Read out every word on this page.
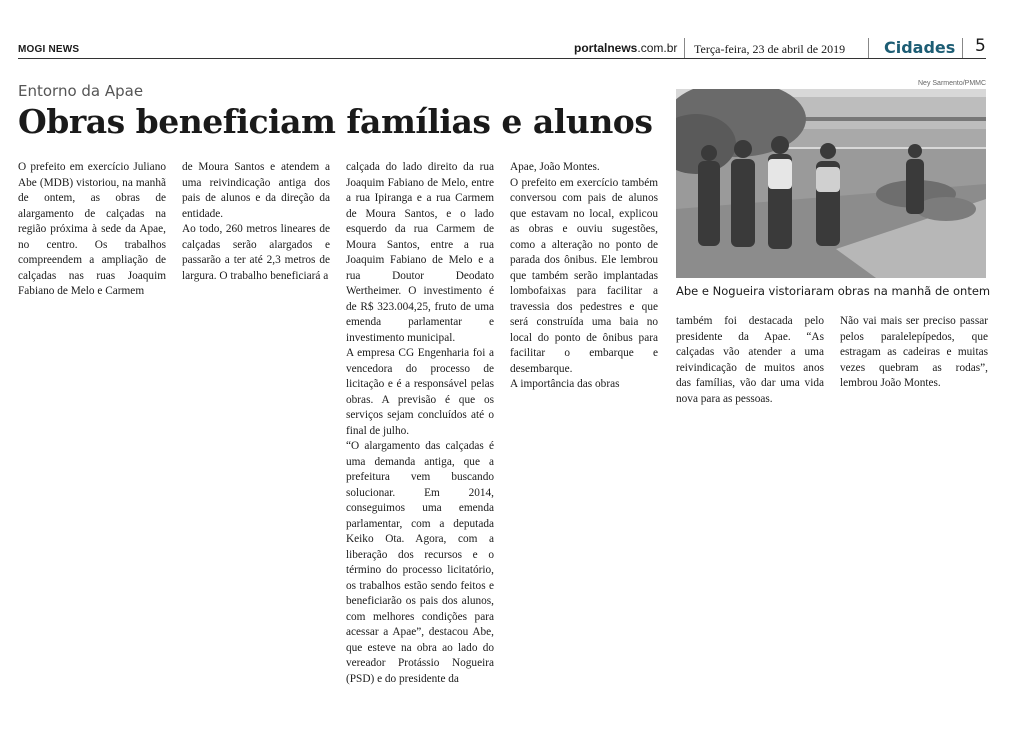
MOGI NEWS	portalnews.com.br Terça-feira, 23 de abril de 2019 Cidades 5
Entorno da Apae
Obras beneficiam famílias e alunos
O prefeito em exercício Juliano Abe (MDB) vistoriou, na manhã de ontem, as obras de alargamento de calçadas na região próxima à sede da Apae, no centro. Os trabalhos compreendem a ampliação de calçadas nas ruas Joaquim Fabiano de Melo e Carmem
de Moura Santos e atendem a uma reivindicação antiga dos pais de alunos e da direção da entidade.
Ao todo, 260 metros lineares de calçadas serão alargados e passarão a ter até 2,3 metros de largura. O trabalho beneficiará a
calçada do lado direito da rua Joaquim Fabiano de Melo, entre a rua Ipiranga e a rua Carmem de Moura Santos, e o lado esquerdo da rua Carmem de Moura Santos, entre a rua Joaquim Fabiano de Melo e a rua Doutor Deodato Wertheimer. O investimento é de R$ 323.004,25, fruto de uma emenda parlamentar e investimento municipal.
A empresa CG Engenharia foi a vencedora do processo de licitação e é a responsável pelas obras. A previsão é que os serviços sejam concluídos até o final de julho.
“O alargamento das calçadas é uma demanda antiga, que a prefeitura vem buscando solucionar. Em 2014, conseguimos uma emenda parlamentar, com a deputada Keiko Ota. Agora, com a liberação dos recursos e o término do processo licitatório, os trabalhos estão sendo feitos e beneficiarão os pais dos alunos, com melhores condições para acessar a Apae”, destacou Abe, que esteve na obra ao lado do vereador Protássio Nogueira (PSD) e do presidente da
Apae, João Montes.
O prefeito em exercício também conversou com pais de alunos que estavam no local, explicou as obras e ouviu sugestões, como a alteração no ponto de parada dos ônibus. Ele lembrou que também serão implantadas lombofaixas para facilitar a travessia dos pedestres e que será construída uma baia no local do ponto de ônibus para facilitar o embarque e desembarque.
A importância das obras
também foi destacada pelo presidente da Apae. “As calçadas vão atender a uma reivindicação de muitos anos das famílias, vão dar uma vida nova para as pessoas.
Não vai mais ser preciso passar pelos paralelepípedos, que estragam as cadeiras e muitas vezes quebram as rodas”, lembrou João Montes.
Ney Sarmento/PMMC
Abe e Nogueira vistoriaram obras na manhã de ontem
